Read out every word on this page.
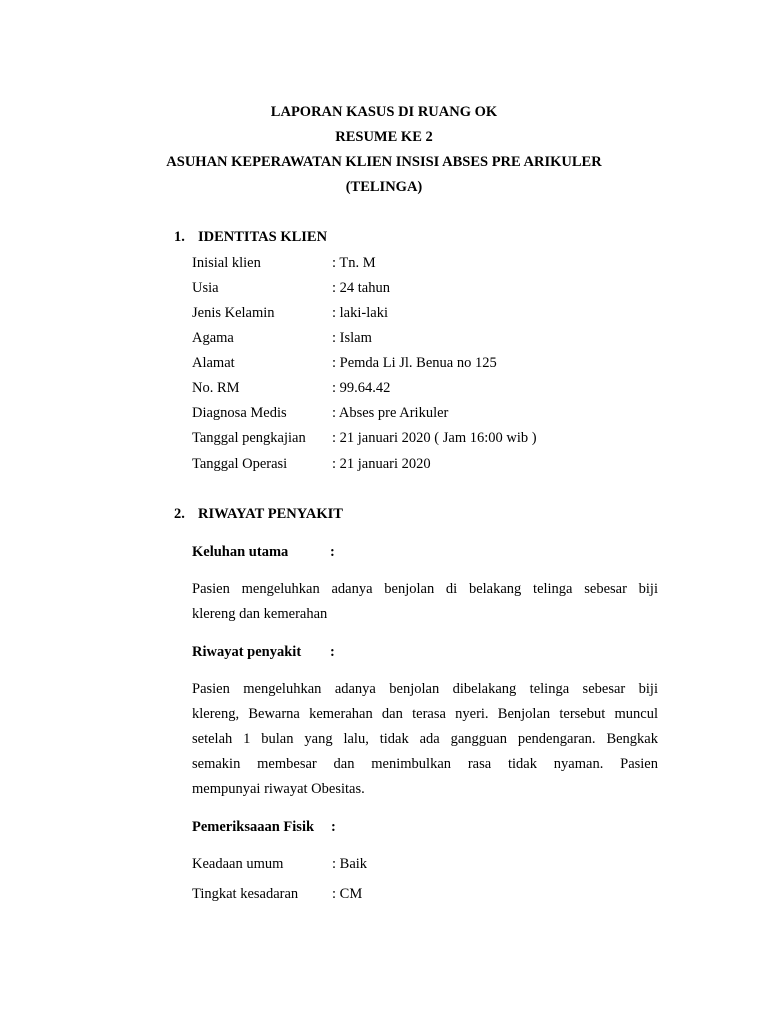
LAPORAN KASUS DI RUANG OK
RESUME KE 2
ASUHAN KEPERAWATAN KLIEN INSISI ABSES PRE ARIKULER
(TELINGA)
1. IDENTITAS KLIEN
Inisial klien	: Tn. M
Usia	: 24 tahun
Jenis Kelamin	: laki-laki
Agama	: Islam
Alamat	: Pemda Li Jl. Benua no 125
No. RM	: 99.64.42
Diagnosa Medis	: Abses pre Arikuler
Tanggal pengkajian : 21 januari 2020 ( Jam 16:00 wib )
Tanggal Operasi	: 21 januari 2020
2. RIWAYAT PENYAKIT
Keluhan utama	:
Pasien mengeluhkan adanya benjolan di belakang telinga sebesar biji
klereng dan kemerahan
Riwayat penyakit :
Pasien mengeluhkan adanya benjolan dibelakang telinga sebesar biji
klereng, Bewarna kemerahan dan terasa nyeri. Benjolan tersebut muncul
setelah 1 bulan yang lalu, tidak ada gangguan pendengaran. Bengkak
semakin membesar dan menimbulkan rasa tidak nyaman. Pasien
mempunyai riwayat Obesitas.
Pemeriksaaan Fisik :
Keadaan umum	: Baik
Tingkat kesadaran : CM
